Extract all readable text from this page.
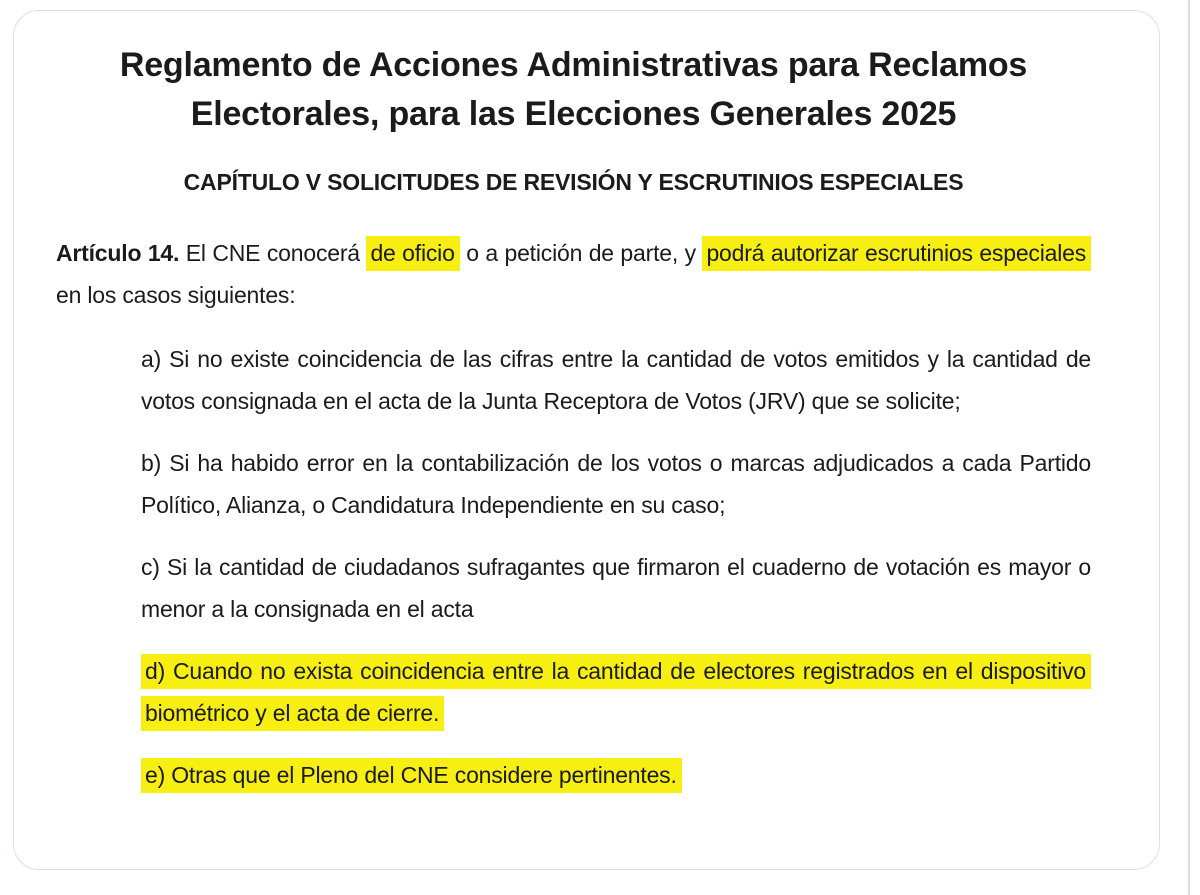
Reglamento de Acciones Administrativas para Reclamos
Electorales, para las Elecciones Generales 2025
CAPÍTULO V SOLICITUDES DE REVISIÓN Y ESCRUTINIOS ESPECIALES

Artículo 14. El CNE conocerá de oficio o a petición de parte, y podrá autorizar escrutinios especiales en los casos siguientes:

a) Si no existe coincidencia de las cifras entre la cantidad de votos emitidos y la cantidad de votos consignada en el acta de la Junta Receptora de Votos (JRV) que se solicite;

b) Si ha habido error en la contabilización de los votos o marcas adjudicados a cada Partido Político, Alianza, o Candidatura Independiente en su caso;

c) Si la cantidad de ciudadanos sufragantes que firmaron el cuaderno de votación es mayor o menor a la consignada en el acta

d) Cuando no exista coincidencia entre la cantidad de electores registrados en el dispositivo biométrico y el acta de cierre.

e) Otras que el Pleno del CNE considere pertinentes.
